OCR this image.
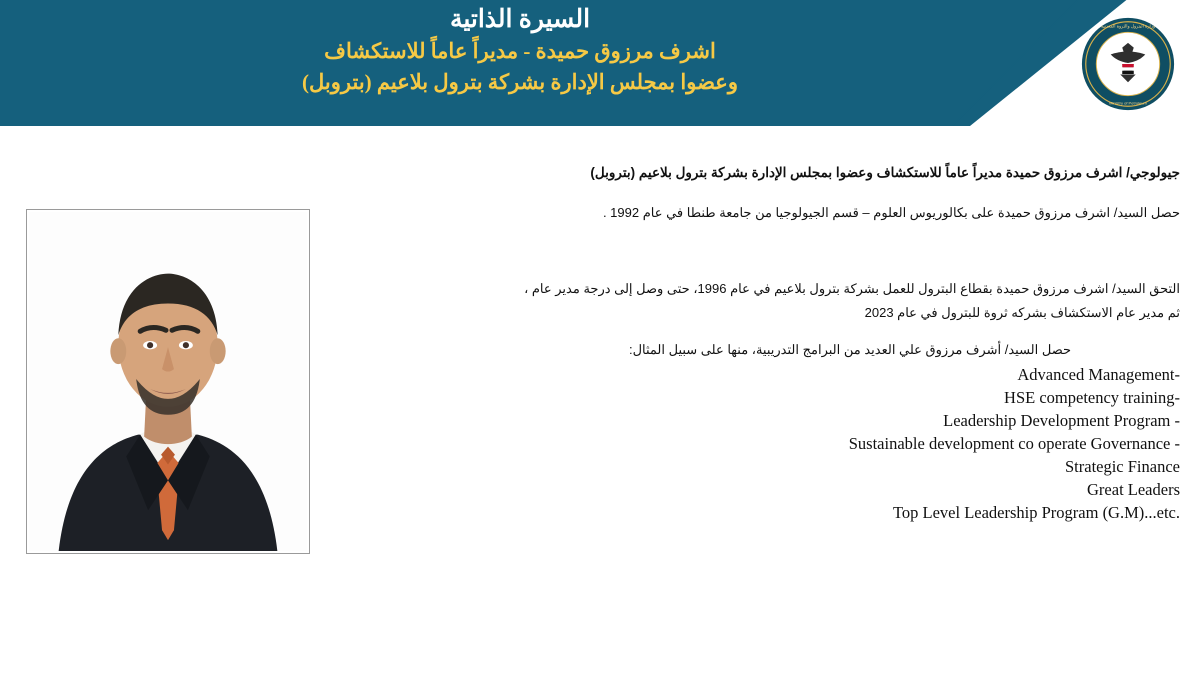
السيرة الذاتية
اشرف مرزوق حميدة - مديراً عاماً للاستكشاف
وعضوا بمجلس الإدارة بشركة بترول بلاعيم (بتروبل)
وزارة البترول والثروة المعدنية
Ministry of Petroleum

جيولوجي/ اشرف مرزوق حميدة مديراً عاماً للاستكشاف وعضوا بمجلس الإدارة بشركة بترول بلاعيم (بتروبل)

حصل السيد/ اشرف مرزوق حميدة على بكالوريوس العلوم – قسم الجيولوجيا من جامعة طنطا في عام 1992 .

التحق السيد/ اشرف مرزوق حميدة بقطاع البترول للعمل بشركة بترول بلاعيم في عام 1996، حتى وصل إلى درجة مدير عام ، ثم مدير عام الاستكشاف بشركه ثروة للبترول في عام 2023

حصل السيد/ أشرف مرزوق علي العديد من البرامج التدريبية، منها على سبيل المثال:

Advanced Management-
HSE competency training-
Leadership Development Program -
Sustainable development co operate Governance -
Strategic Finance
Great Leaders
Top Level Leadership Program (G.M)...etc.
